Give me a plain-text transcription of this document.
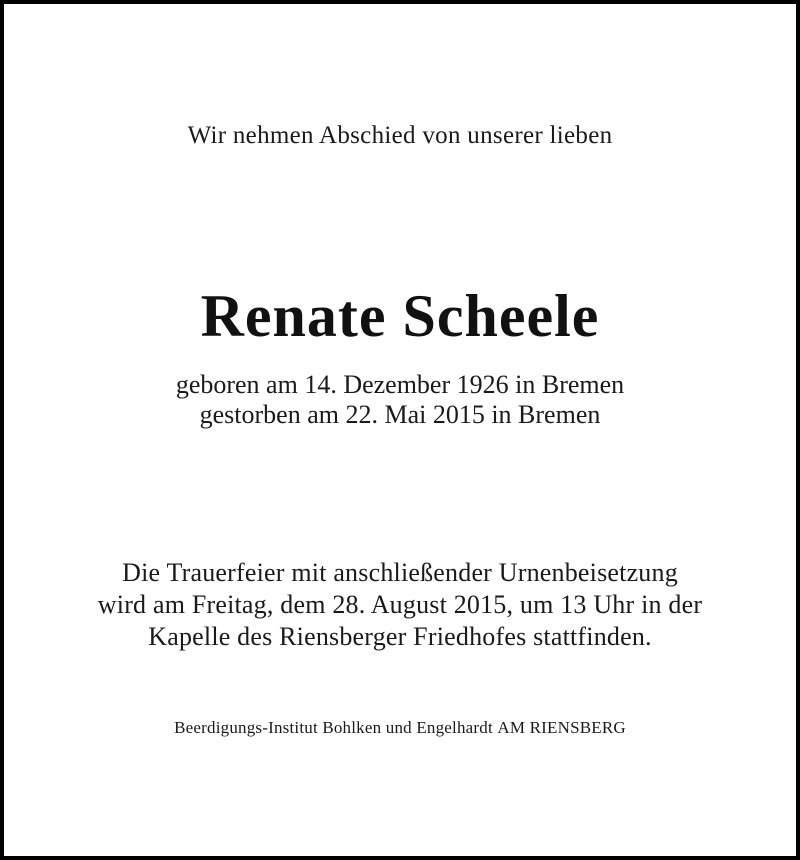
Wir nehmen Abschied von unserer lieben
Renate Scheele
geboren am 14. Dezember 1926 in Bremen
gestorben am 22. Mai 2015 in Bremen
Die Trauerfeier mit anschließender Urnenbeisetzung
wird am Freitag, dem 28. August 2015, um 13 Uhr in der
Kapelle des Riensberger Friedhofes stattfinden.
Beerdigungs-Institut Bohlken und Engelhardt AM RIENSBERG
